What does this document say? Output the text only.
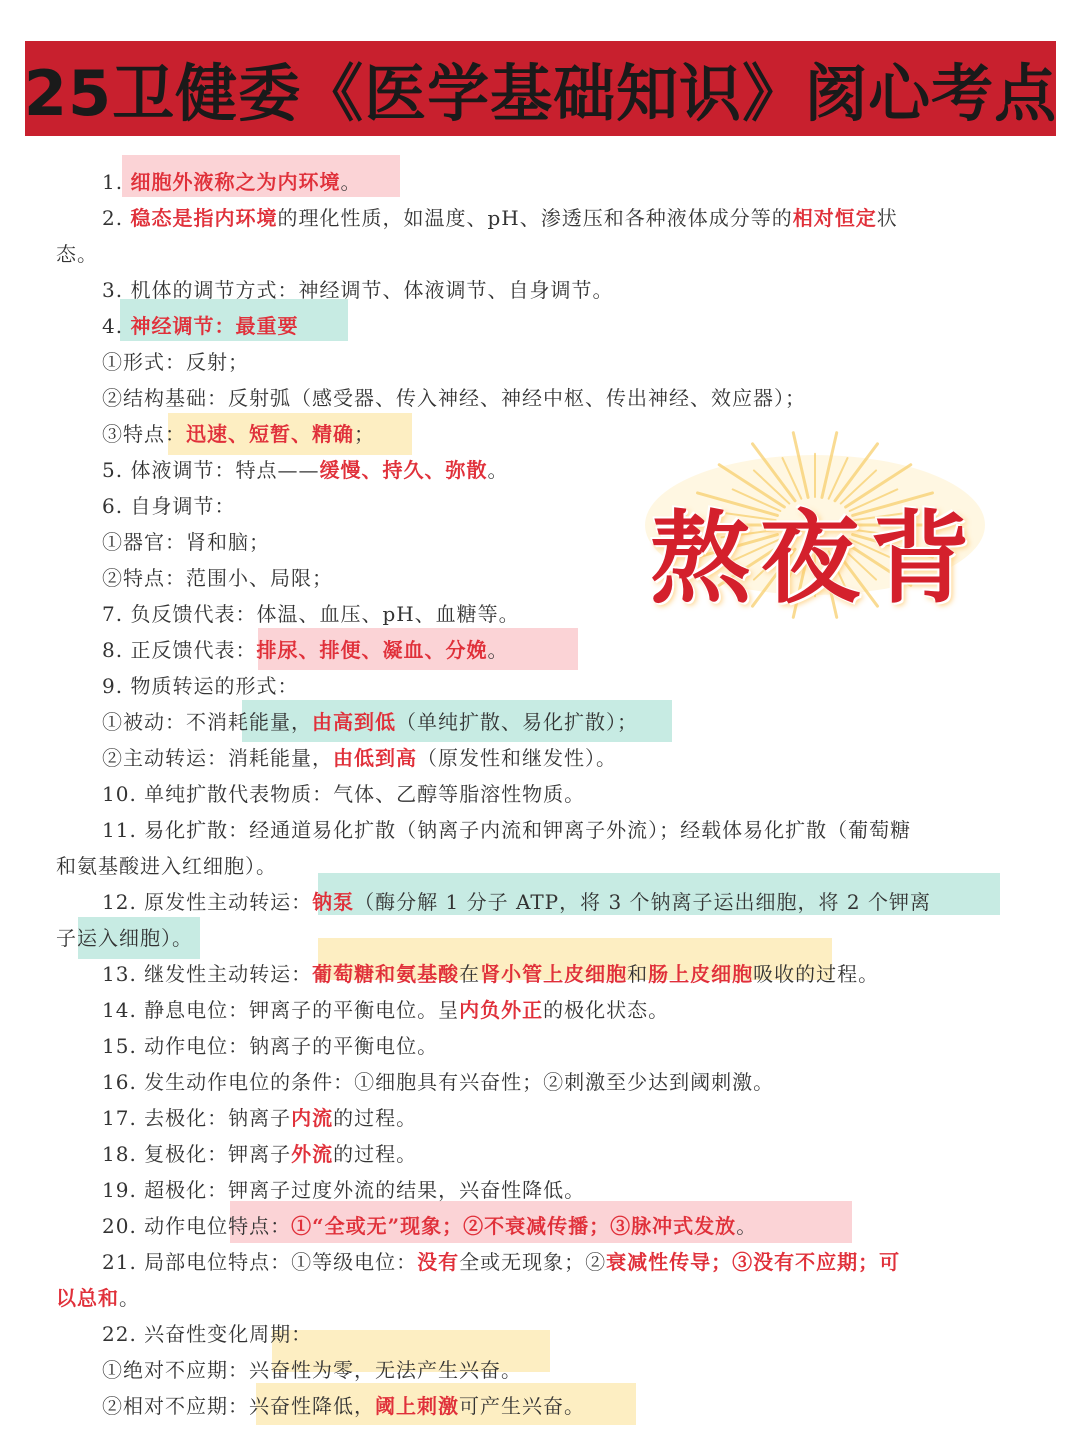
25卫健委《医学基础知识》阂心考点
1. 细胞外液称之为内环境。
2. 稳态是指内环境的理化性质，如温度、pH、渗透压和各种液体成分等的相对恒定状
态。
3. 机体的调节方式：神经调节、体液调节、自身调节。
4. 神经调节：最重要
①形式：反射；
②结构基础：反射弧（感受器、传入神经、神经中枢、传出神经、效应器）；
③特点：迅速、短暂、精确；
5. 体液调节：特点——缓慢、持久、弥散。
6. 自身调节：
①器官：肾和脑；
②特点：范围小、局限；
7. 负反馈代表：体温、血压、pH、血糖等。
8. 正反馈代表：排尿、排便、凝血、分娩。
9. 物质转运的形式：
①被动：不消耗能量，由高到低（单纯扩散、易化扩散）；
②主动转运：消耗能量，由低到高（原发性和继发性）。
10. 单纯扩散代表物质：气体、乙醇等脂溶性物质。
11. 易化扩散：经通道易化扩散（钠离子内流和钾离子外流）；经载体易化扩散（葡萄糖
和氨基酸进入红细胞）。
12. 原发性主动转运：钠泵（酶分解 1 分子 ATP，将 3 个钠离子运出细胞，将 2 个钾离
子运入细胞）。
13. 继发性主动转运：葡萄糖和氨基酸在肾小管上皮细胞和肠上皮细胞吸收的过程。
14. 静息电位：钾离子的平衡电位。呈内负外正的极化状态。
15. 动作电位：钠离子的平衡电位。
16. 发生动作电位的条件：①细胞具有兴奋性；②刺激至少达到阈刺激。
17. 去极化：钠离子内流的过程。
18. 复极化：钾离子外流的过程。
19. 超极化：钾离子过度外流的结果，兴奋性降低。
20. 动作电位特点：①“全或无”现象；②不衰减传播；③脉冲式发放。
21. 局部电位特点：①等级电位：没有全或无现象；②衰减性传导；③没有不应期；可
以总和。
22. 兴奋性变化周期：
①绝对不应期：兴奋性为零，无法产生兴奋。
②相对不应期：兴奋性降低，阈上刺激可产生兴奋。
熬夜背
